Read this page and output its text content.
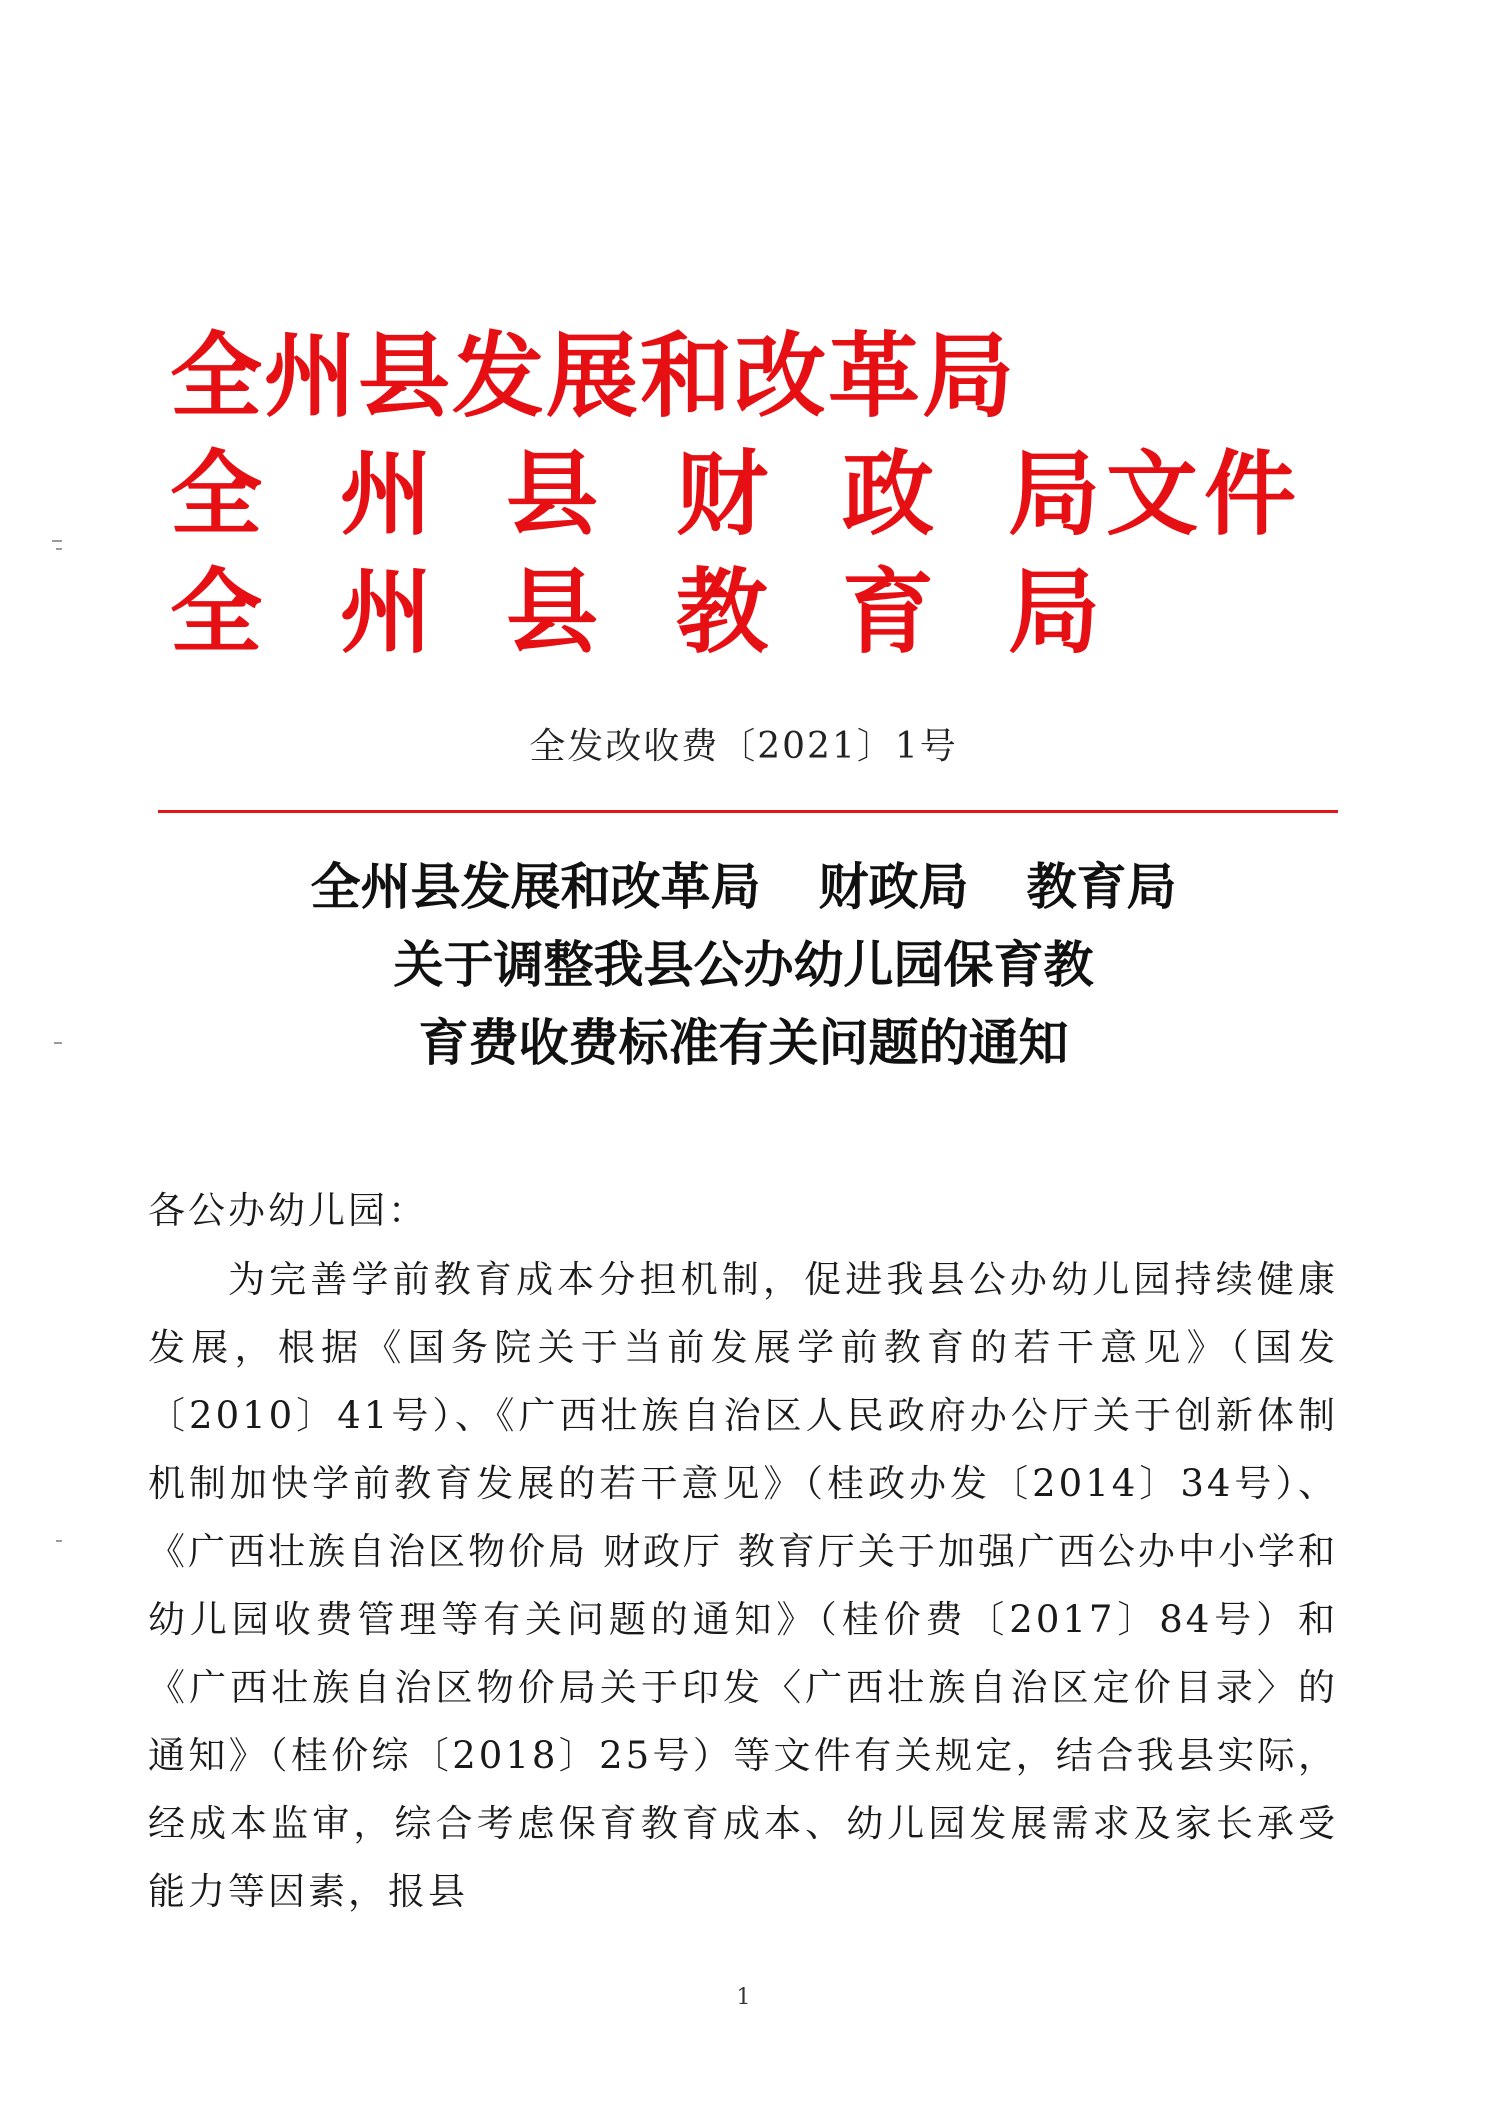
全州县发展和改革局
全 州 县 财 政 局文件
全 州 县 教 育 局
全发改收费〔2021〕1号
全州县发展和改革局 财政局 教育局
关于调整我县公办幼儿园保育教
育费收费标准有关问题的通知
各公办幼儿园：

为完善学前教育成本分担机制，促进我县公办幼儿园持续健康发展，根据《国务院关于当前发展学前教育的若干意见》（国发〔2010〕41号）、《广西壮族自治区人民政府办公厅关于创新体制机制加快学前教育发展的若干意见》（桂政办发〔2014〕34号）、《广西壮族自治区物价局 财政厅 教育厅关于加强广西公办中小学和幼儿园收费管理等有关问题的通知》（桂价费〔2017〕84号）和《广西壮族自治区物价局关于印发〈广西壮族自治区定价目录〉的通知》（桂价综〔2018〕25号）等文件有关规定，结合我县实际，经成本监审，综合考虑保育教育成本、幼儿园发展需求及家长承受能力等因素，报县

1
